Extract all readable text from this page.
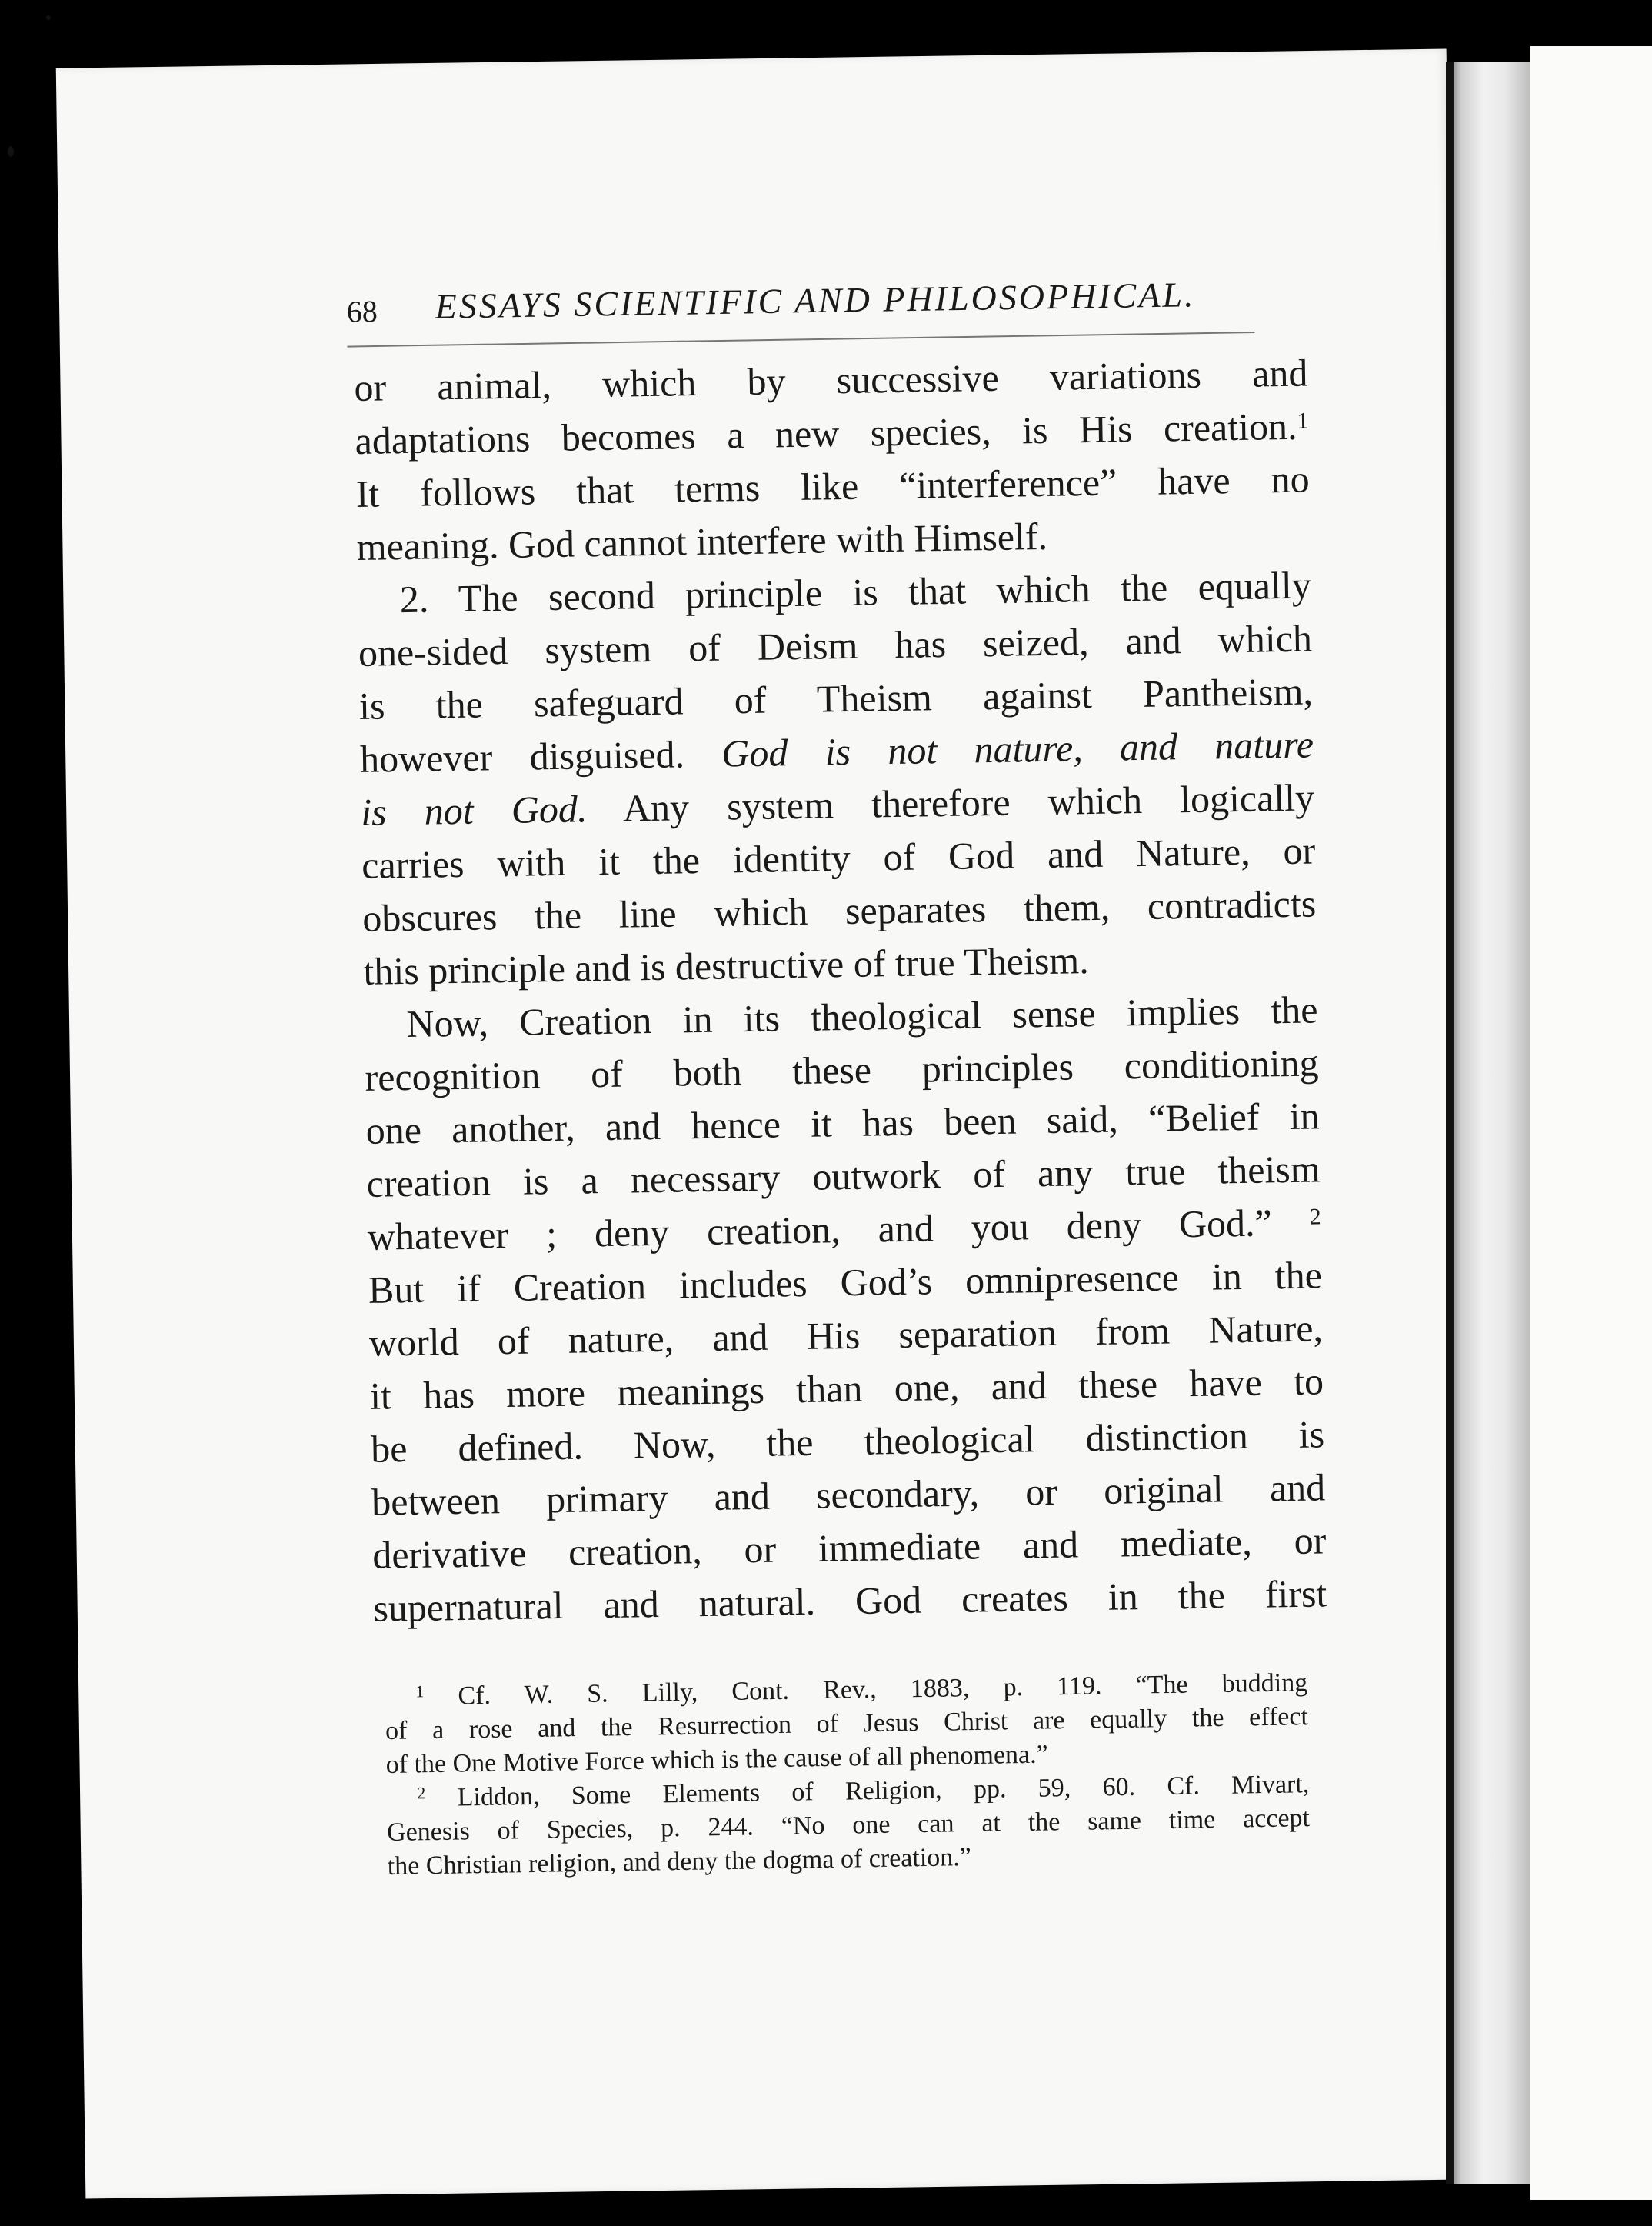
68 ESSAYS SCIENTIFIC AND PHILOSOPHICAL.
or animal, which by successive variations and
adaptations becomes a new species, is His creation.$^1$
It follows that terms like “interference” have no
meaning. God cannot interfere with Himself.
2. The second principle is that which the equally
one-sided system of Deism has seized, and which
is the safeguard of Theism against Pantheism,
however disguised. God is not nature, and nature
is not God. Any system therefore which logically
carries with it the identity of God and Nature, or
obscures the line which separates them, contradicts
this principle and is destructive of true Theism.
Now, Creation in its theological sense implies the
recognition of both these principles conditioning
one another, and hence it has been said, “Belief in
creation is a necessary outwork of any true theism
whatever ; deny creation, and you deny God.” $^2$
But if Creation includes God’s omnipresence in the
world of nature, and His separation from Nature,
it has more meanings than one, and these have to
be defined. Now, the theological distinction is
between primary and secondary, or original and
derivative creation, or immediate and mediate, or
supernatural and natural. God creates in the first
$^1$ Cf. W. S. Lilly, Cont. Rev., 1883, p. 119. “The budding
of a rose and the Resurrection of Jesus Christ are equally the effect
of the One Motive Force which is the cause of all phenomena.”
$^2$ Liddon, Some Elements of Religion, pp. 59, 60. Cf. Mivart,
Genesis of Species, p. 244. “No one can at the same time accept
the Christian religion, and deny the dogma of creation.”
